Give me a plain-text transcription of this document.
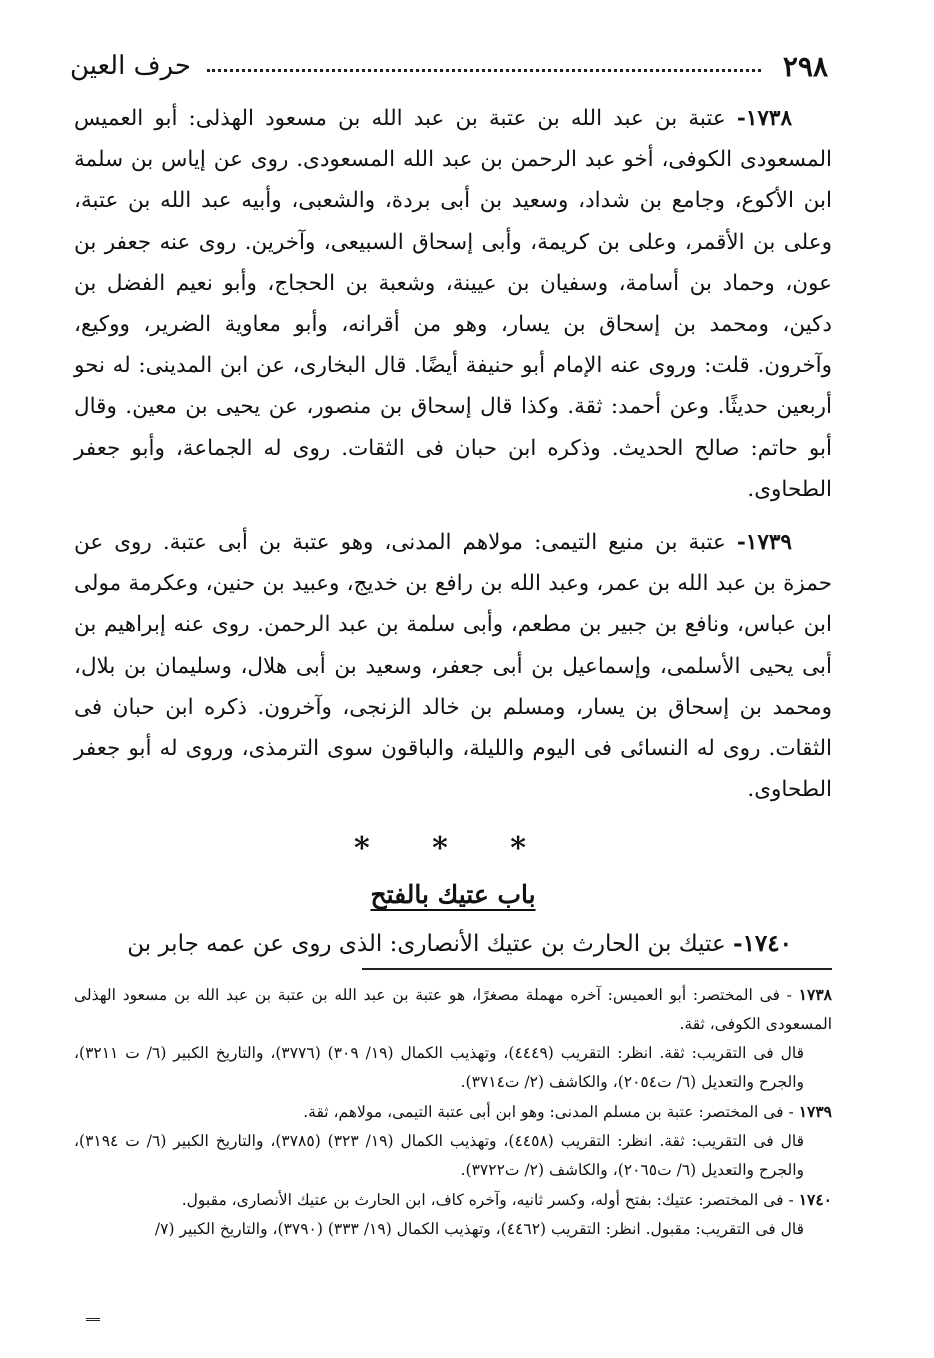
٢٩٨
حرف العين

١٧٣٨- عتبة بن عبد الله بن عتبة بن عبد الله بن مسعود الهذلى: أبو العميس المسعودى الكوفى، أخو عبد الرحمن بن عبد الله المسعودى. روى عن إياس بن سلمة ابن الأكوع، وجامع بن شداد، وسعيد بن أبى بردة، والشعبى، وأبيه عبد الله بن عتبة، وعلى بن الأقمر، وعلى بن كريمة، وأبى إسحاق السبيعى، وآخرين. روى عنه جعفر بن عون، وحماد بن أسامة، وسفيان بن عيينة، وشعبة بن الحجاج، وأبو نعيم الفضل بن دكين، ومحمد بن إسحاق بن يسار، وهو من أقرانه، وأبو معاوية الضرير، ووكيع، وآخرون. قلت: وروى عنه الإمام أبو حنيفة أيضًا. قال البخارى، عن ابن المدينى: له نحو أربعين حديثًا. وعن أحمد: ثقة. وكذا قال إسحاق بن منصور، عن يحيى بن معين. وقال أبو حاتم: صالح الحديث. وذكره ابن حبان فى الثقات. روى له الجماعة، وأبو جعفر الطحاوى.

١٧٣٩- عتبة بن منيع التيمى: مولاهم المدنى، وهو عتبة بن أبى عتبة. روى عن حمزة بن عبد الله بن عمر، وعبد الله بن رافع بن خديج، وعبيد بن حنين، وعكرمة مولى ابن عباس، ونافع بن جبير بن مطعم، وأبى سلمة بن عبد الرحمن. روى عنه إبراهيم بن أبى يحيى الأسلمى، وإسماعيل بن أبى جعفر، وسعيد بن أبى هلال، وسليمان بن بلال، ومحمد بن إسحاق بن يسار، ومسلم بن خالد الزنجى، وآخرون. ذكره ابن حبان فى الثقات. روى له النسائى فى اليوم والليلة، والباقون سوى الترمذى، وروى له أبو جعفر الطحاوى.

* * *
باب عتيك بالفتح

١٧٤٠- عتيك بن الحارث بن عتيك الأنصارى: الذى روى عن عمه جابر بن

١٧٣٨ - فى المختصر: أبو العميس: آخره مهملة مصغرًا، هو عتبة بن عبد الله بن عتبة بن عبد الله بن مسعود الهذلى المسعودى الكوفى، ثقة.

قال فى التقريب: ثقة. انظر: التقريب (٤٤٤٩)، وتهذيب الكمال (١٩/ ٣٠٩) (٣٧٧٦)، والتاريخ الكبير (٦/ ت ٣٢١١)، والجرح والتعديل (٦/ ت٢٠٥٤)، والكاشف (٢/ ت٣٧١٤).

١٧٣٩ - فى المختصر: عتبة بن مسلم المدنى: وهو ابن أبى عتبة التيمى، مولاهم، ثقة.

قال فى التقريب: ثقة. انظر: التقريب (٤٤٥٨)، وتهذيب الكمال (١٩/ ٣٢٣) (٣٧٨٥)، والتاريخ الكبير (٦/ ت ٣١٩٤)، والجرح والتعديل (٦/ ت٢٠٦٥)، والكاشف (٢/ ت٣٧٢٢).

١٧٤٠ - فى المختصر: عتيك: بفتح أوله، وكسر ثانيه، وآخره كاف، ابن الحارث بن عتيك الأنصارى، مقبول.

قال فى التقريب: مقبول. انظر: التقريب (٤٤٦٢)، وتهذيب الكمال (١٩/ ٣٣٣) (٣٧٩٠)، والتاريخ الكبير (٧/
